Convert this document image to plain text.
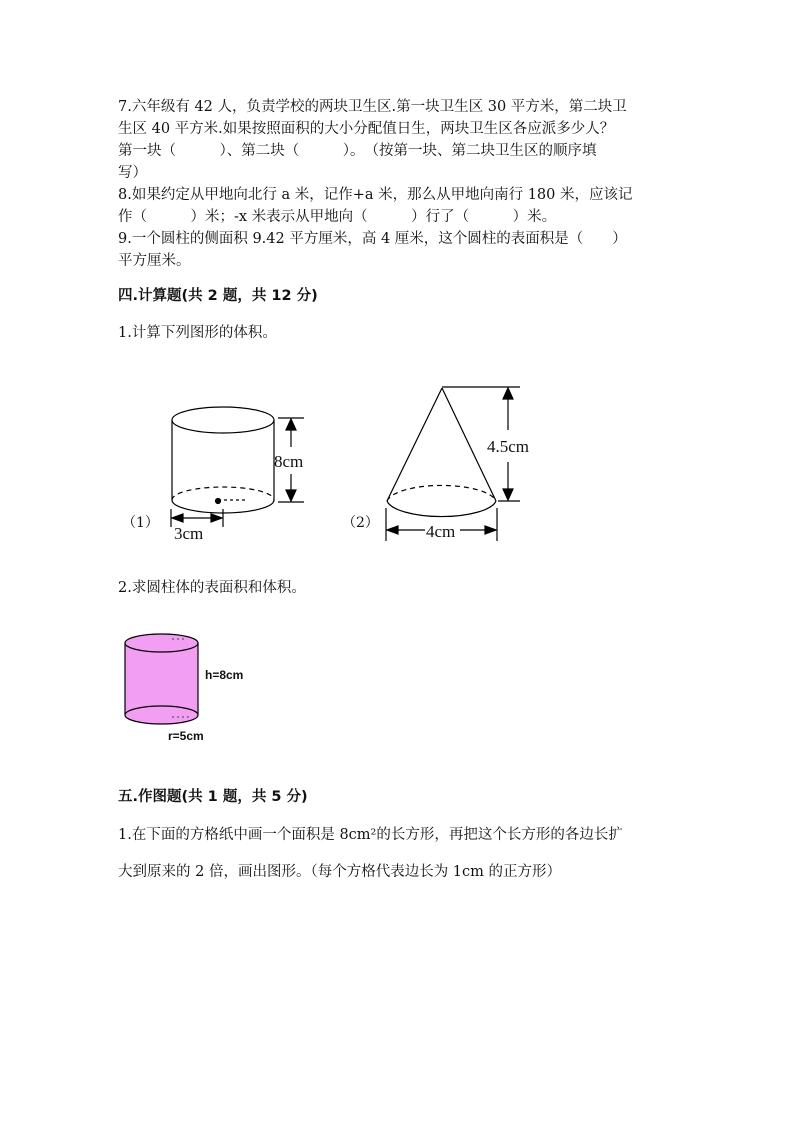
7.六年级有 42 人，负责学校的两块卫生区.第一块卫生区 30 平方米，第二块卫
生区 40 平方米.如果按照面积的大小分配值日生，两块卫生区各应派多少人？
第一块（　　　）、第二块（　　　）。　（按第一块、第二块卫生区的顺序填
写）
8.如果约定从甲地向北行 a 米，记作+a 米，那么从甲地向南行 180 米，应该记
作（　　　）米；-x 米表示从甲地向（　　　）行了（　　　）米。
9.一个圆柱的侧面积 9.42 平方厘米，高 4 厘米，这个圆柱的表面积是（　　）
平方厘米。
四.计算题(共 2 题，共 12 分)
1.计算下列图形的体积。
（1）
8cm
3cm
（2）
4.5cm
4cm
2.求圆柱体的表面积和体积。
h=8cm
r=5cm
五.作图题(共 1 题，共 5 分)
1.在下面的方格纸中画一个面积是 8cm²的长方形，再把这个长方形的各边长扩
大到原来的 2 倍，画出图形。（每个方格代表边长为 1cm 的正方形）
